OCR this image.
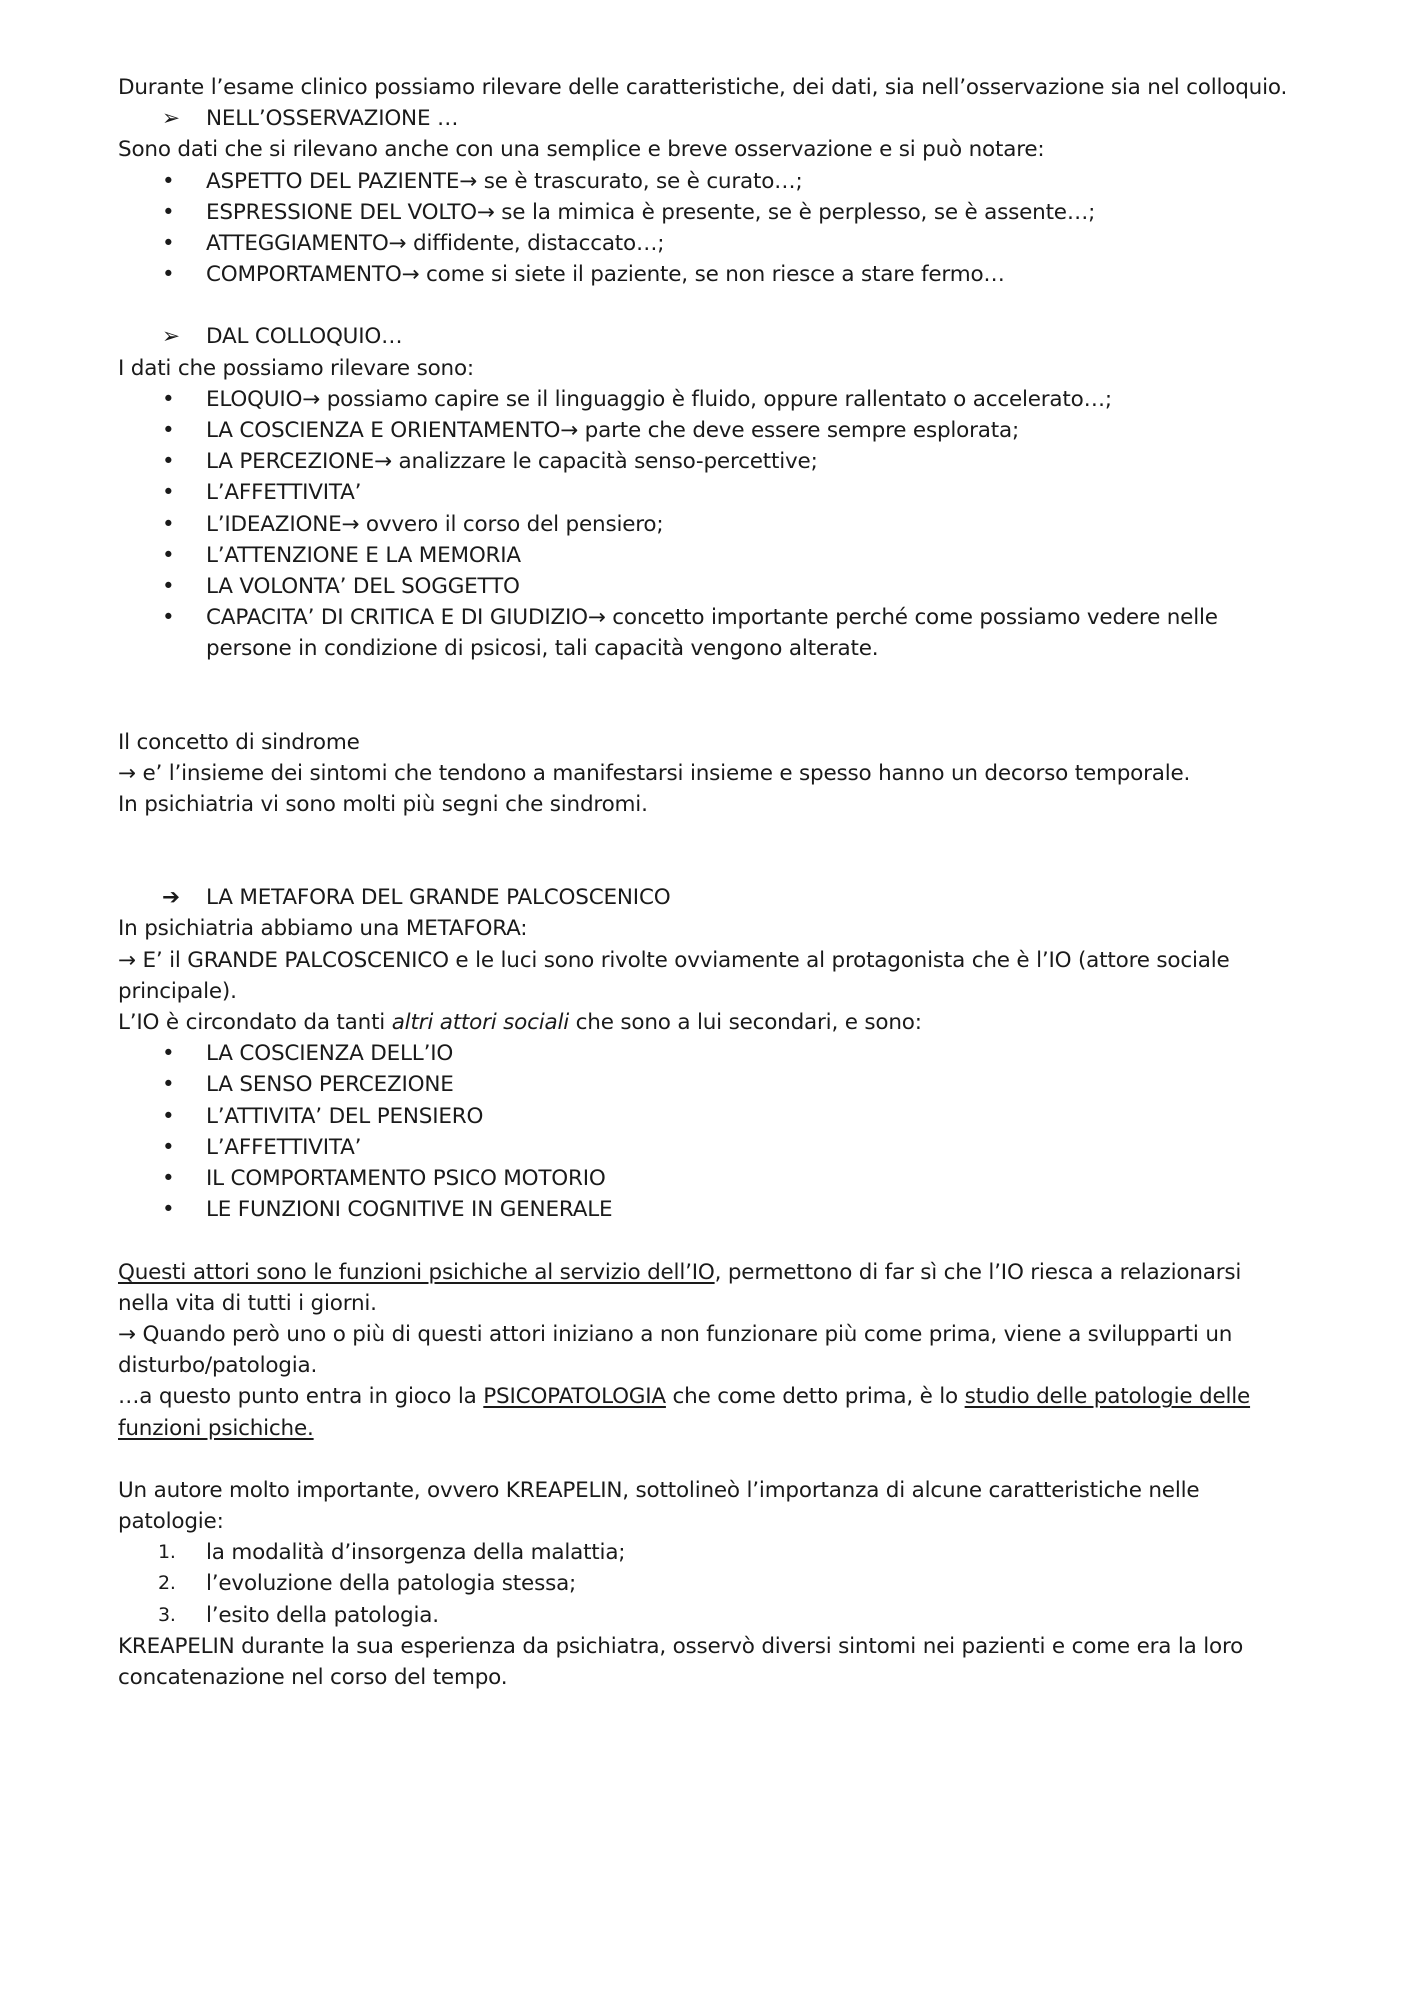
Durante l’esame clinico possiamo rilevare delle caratteristiche, dei dati, sia nell’osservazione sia nel colloquio.

➢	NELL’OSSERVAZIONE …

Sono dati che si rilevano anche con una semplice e breve osservazione e si può notare:

•	ASPETTO DEL PAZIENTE→ se è trascurato, se è curato…;
•	ESPRESSIONE DEL VOLTO→ se la mimica è presente, se è perplesso, se è assente…;
•	ATTEGGIAMENTO→ diffidente, distaccato…;
•	COMPORTAMENTO→ come si siete il paziente, se non riesce a stare fermo…

➢	DAL COLLOQUIO…

I dati che possiamo rilevare sono:

•	ELOQUIO→ possiamo capire se il linguaggio è fluido, oppure rallentato o accelerato…;
•	LA COSCIENZA E ORIENTAMENTO→ parte che deve essere sempre esplorata;
•	LA PERCEZIONE→ analizzare le capacità senso-percettive;
•	L’AFFETTIVITA’
•	L’IDEAZIONE→ ovvero il corso del pensiero;
•	L’ATTENZIONE E LA MEMORIA
•	LA VOLONTA’ DEL SOGGETTO
•	CAPACITA’ DI CRITICA E DI GIUDIZIO→ concetto importante perché come possiamo vedere nelle persone in condizione di psicosi, tali capacità vengono alterate.

Il concetto di sindrome

→ e’ l’insieme dei sintomi che tendono a manifestarsi insieme e spesso hanno un decorso temporale.

In psichiatria vi sono molti più segni che sindromi.

➔	LA METAFORA DEL GRANDE PALCOSCENICO

In psichiatria abbiamo una METAFORA:

→ E’ il GRANDE PALCOSCENICO e le luci sono rivolte ovviamente al protagonista che è l’IO (attore sociale principale).

L’IO è circondato da tanti altri attori sociali che sono a lui secondari, e sono:

•	LA COSCIENZA DELL’IO
•	LA SENSO PERCEZIONE
•	L’ATTIVITA’ DEL PENSIERO
•	L’AFFETTIVITA’
•	IL COMPORTAMENTO PSICO MOTORIO
•	LE FUNZIONI COGNITIVE IN GENERALE

Questi attori sono le funzioni psichiche al servizio dell’IO, permettono di far sì che l’IO riesca a relazionarsi nella vita di tutti i giorni.

→ Quando però uno o più di questi attori iniziano a non funzionare più come prima, viene a svilupparti un disturbo/patologia.

…a questo punto entra in gioco la PSICOPATOLOGIA che come detto prima, è lo studio delle patologie delle funzioni psichiche.

Un autore molto importante, ovvero KREAPELIN, sottolineò l’importanza di alcune caratteristiche nelle patologie:

1.	la modalità d’insorgenza della malattia;
2.	l’evoluzione della patologia stessa;
3.	l’esito della patologia.

KREAPELIN durante la sua esperienza da psichiatra, osservò diversi sintomi nei pazienti e come era la loro concatenazione nel corso del tempo.
